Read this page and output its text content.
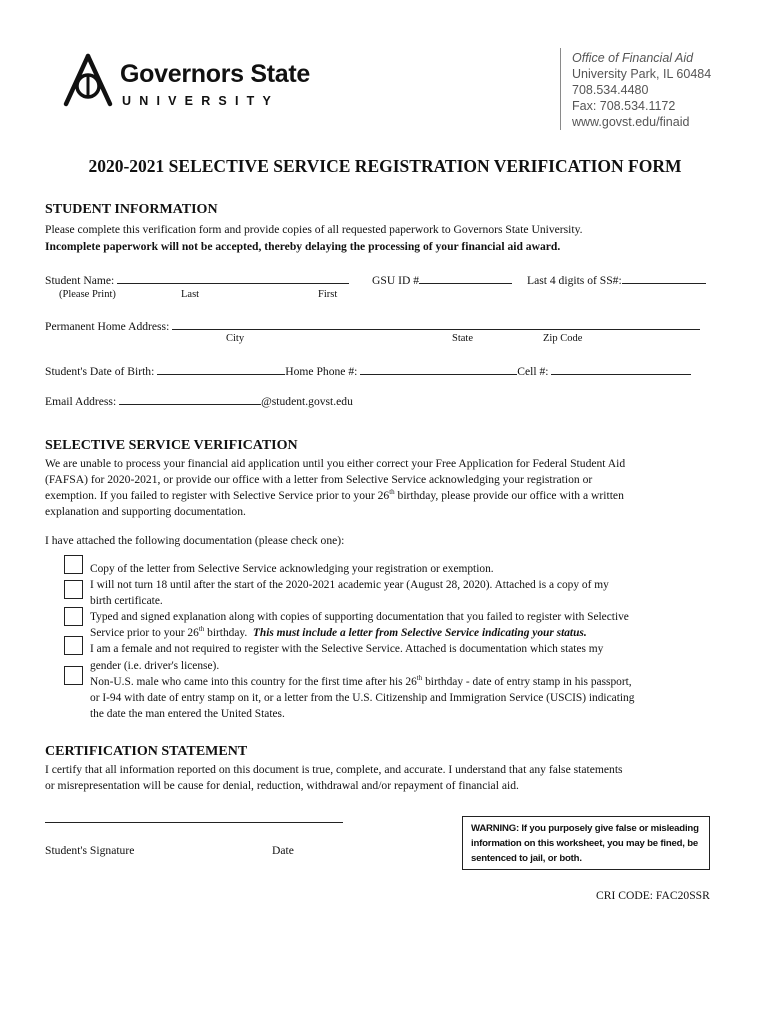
Governors State
UNIVERSITY
Office of Financial Aid
University Park, IL 60484
708.534.4480
Fax: 708.534.1172
www.govst.edu/finaid
2020-2021 SELECTIVE SERVICE REGISTRATION VERIFICATION FORM
STUDENT INFORMATION
Please complete this verification form and provide copies of all requested paperwork to Governors State University.
Incomplete paperwork will not be accepted, thereby delaying the processing of your financial aid award.
Student Name:	GSU ID #	Last 4 digits of SS#:
(Please Print)	Last	First
Permanent Home Address:
City	State	Zip Code
Student's Date of Birth:	Home Phone #:	Cell #:
Email Address:	@student.govst.edu
SELECTIVE SERVICE VERIFICATION
We are unable to process your financial aid application until you either correct your Free Application for Federal Student Aid
(FAFSA) for 2020-2021, or provide our office with a letter from Selective Service acknowledging your registration or
exemption. If you failed to register with Selective Service prior to your 26th birthday, please provide our office with a written
explanation and supporting documentation.
I have attached the following documentation (please check one):
Copy of the letter from Selective Service acknowledging your registration or exemption.
I will not turn 18 until after the start of the 2020-2021 academic year (August 28, 2020). Attached is a copy of my
birth certificate.
Typed and signed explanation along with copies of supporting documentation that you failed to register with Selective
Service prior to your 26th birthday.  This must include a letter from Selective Service indicating your status.
I am a female and not required to register with the Selective Service. Attached is documentation which states my
gender (i.e. driver's license).
Non-U.S. male who came into this country for the first time after his 26th birthday - date of entry stamp in his passport,
or I-94 with date of entry stamp on it, or a letter from the U.S. Citizenship and Immigration Service (USCIS) indicating
the date the man entered the United States.
CERTIFICATION STATEMENT
I certify that all information reported on this document is true, complete, and accurate. I understand that any false statements
or misrepresentation will be cause for denial, reduction, withdrawal and/or repayment of financial aid.
Student's Signature	Date
WARNING: If you purposely give false or misleading information on this worksheet, you may be fined, be sentenced to jail, or both.
CRI CODE: FAC20SSR
